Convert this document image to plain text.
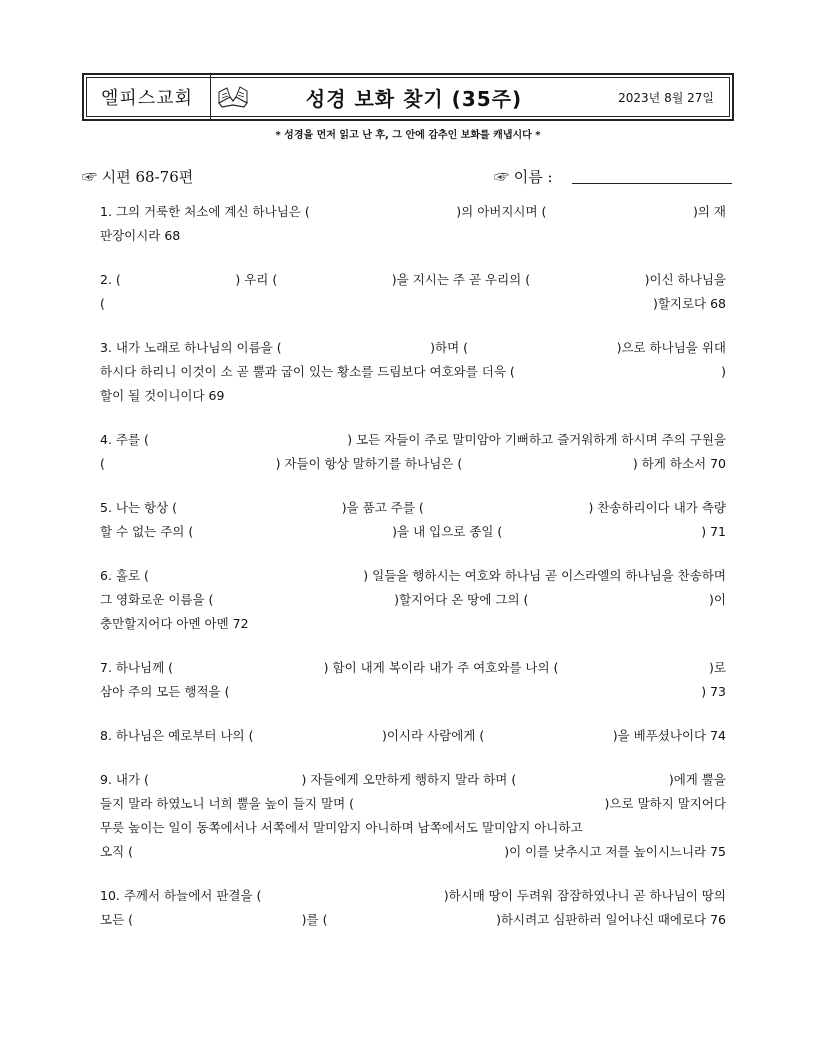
엘피스교회	성경 보화 찾기 (35주)	2023년 8월 27일
* 성경을 먼저 읽고 난 후, 그 안에 감추인 보화를 캐냅시다 *
☞ 시편 68-76편	☞ 이름 :
1. 그의 거룩한 처소에 계신 하나님은 (	)의 아버지시며 (	)의 재
판장이시라 68
2. (	) 우리 (	)을 지시는 주 곧 우리의 (	)이신 하나님을
(	)할지로다 68
3. 내가 노래로 하나님의 이름을 (	)하며 (	)으로 하나님을 위대
하시다 하리니 이것이 소 곧 뿔과 굽이 있는 황소를 드림보다 여호와를 더욱 (	)
할이 될 것이니이다 69
4. 주를 (	) 모든 자들이 주로 말미암아 기뻐하고 즐거워하게 하시며 주의 구원을
(	) 자들이 항상 말하기를 하나님은 (	) 하게 하소서 70
5. 나는 항상 (	)을 품고 주를 (	) 찬송하리이다 내가 측량
할 수 없는 주의 (	)을 내 입으로 종일 (	) 71
6. 홀로 (	) 일들을 행하시는 여호와 하나님 곧 이스라엘의 하나님을 찬송하며
그 영화로운 이름을 (	)할지어다 온 땅에 그의 (	)이
충만할지어다 아멘 아멘 72
7. 하나님께 (	) 함이 내게 복이라 내가 주 여호와를 나의 (	)로
삼아 주의 모든 행적을 (	) 73
8. 하나님은 예로부터 나의 (	)이시라 사람에게 (	)을 베푸셨나이다 74
9. 내가 (	) 자들에게 오만하게 행하지 말라 하며 (	)에게 뿔을
들지 말라 하였노니 너희 뿔을 높이 들지 말며 (	)으로 말하지 말지어다
무릇 높이는 일이 동쪽에서나 서쪽에서 말미암지 아니하며 남쪽에서도 말미암지 아니하고
오직 (	)이 이를 낮추시고 저를 높이시느니라 75
10. 주께서 하늘에서 판결을 (	)하시매 땅이 두려워 잠잠하였나니 곧 하나님이 땅의
모든 (	)를 (	)하시려고 심판하러 일어나신 때에로다 76
